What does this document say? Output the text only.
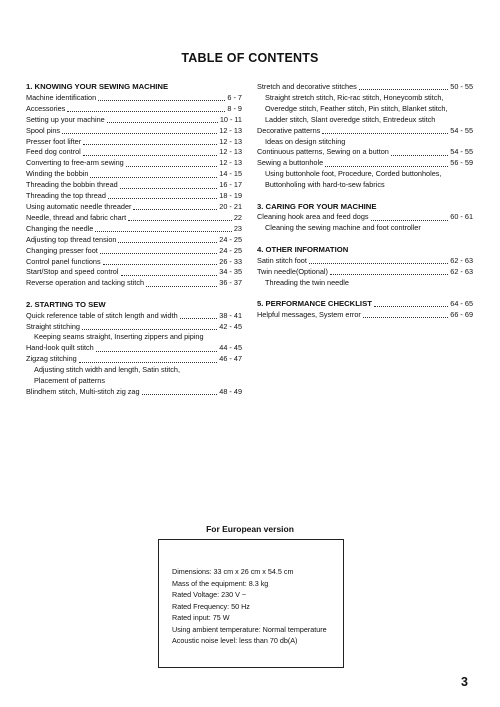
TABLE OF CONTENTS
1. KNOWING YOUR SEWING MACHINE
Machine identification	6 - 7
Accessories	8 - 9
Setting up your machine	10 - 11
Spool pins	12 - 13
Presser foot lifter	12 - 13
Feed dog control	12 - 13
Converting to free-arm sewing	12 - 13
Winding the bobbin	14 - 15
Threading the bobbin thread	16 - 17
Threading the top thread	18 - 19
Using automatic needle threader	20 - 21
Needle, thread and fabric chart	22
Changing the needle	23
Adjusting top thread tension	24 - 25
Changing presser foot	24 - 25
Control panel functions	26 - 33
Start/Stop and speed control	34 - 35
Reverse operation and tacking stitch	36 - 37
2. STARTING TO SEW
Quick reference table of stitch length and width	38 - 41
Straight stitching	42 - 45
Keeping seams straight, Inserting zippers and piping
Hand-look quilt stitch	44 - 45
Zigzag stitching	46 - 47
Adjusting stitch width and length, Satin stitch,
Placement of patterns
Blindhem stitch, Multi-stitch zig zag	48 - 49
Stretch and decorative stitches	50 - 55
Straight stretch stitch, Ric-rac stitch, Honeycomb stitch,
Overedge stitch, Feather stitch, Pin stitch, Blanket stitch,
Ladder stitch, Slant overedge stitch, Entredeux stitch
Decorative patterns	54 - 55
Ideas on design stitching
Continuous patterns, Sewing on a button	54 - 55
Sewing a buttonhole	56 - 59
Using buttonhole foot, Procedure, Corded buttonholes,
Buttonholing with hard-to-sew fabrics
3. CARING FOR YOUR MACHINE
Cleaning hook area and feed dogs	60 - 61
Cleaning the sewing machine and foot controller
4. OTHER INFORMATION
Satin stitch foot	62 - 63
Twin needle(Optional)	62 - 63
Threading the twin needle
5. PERFORMANCE CHECKLIST	64 - 65
Helpful messages, System error	66 - 69
For European version
Dimensions: 33 cm x 26 cm x 54.5 cm
Mass of the equipment: 8.3 kg
Rated Voltage: 230 V ~
Rated Frequency: 50 Hz
Rated input: 75 W
Using ambient temperature: Normal temperature
Acoustic noise level: less than 70 db(A)
3
